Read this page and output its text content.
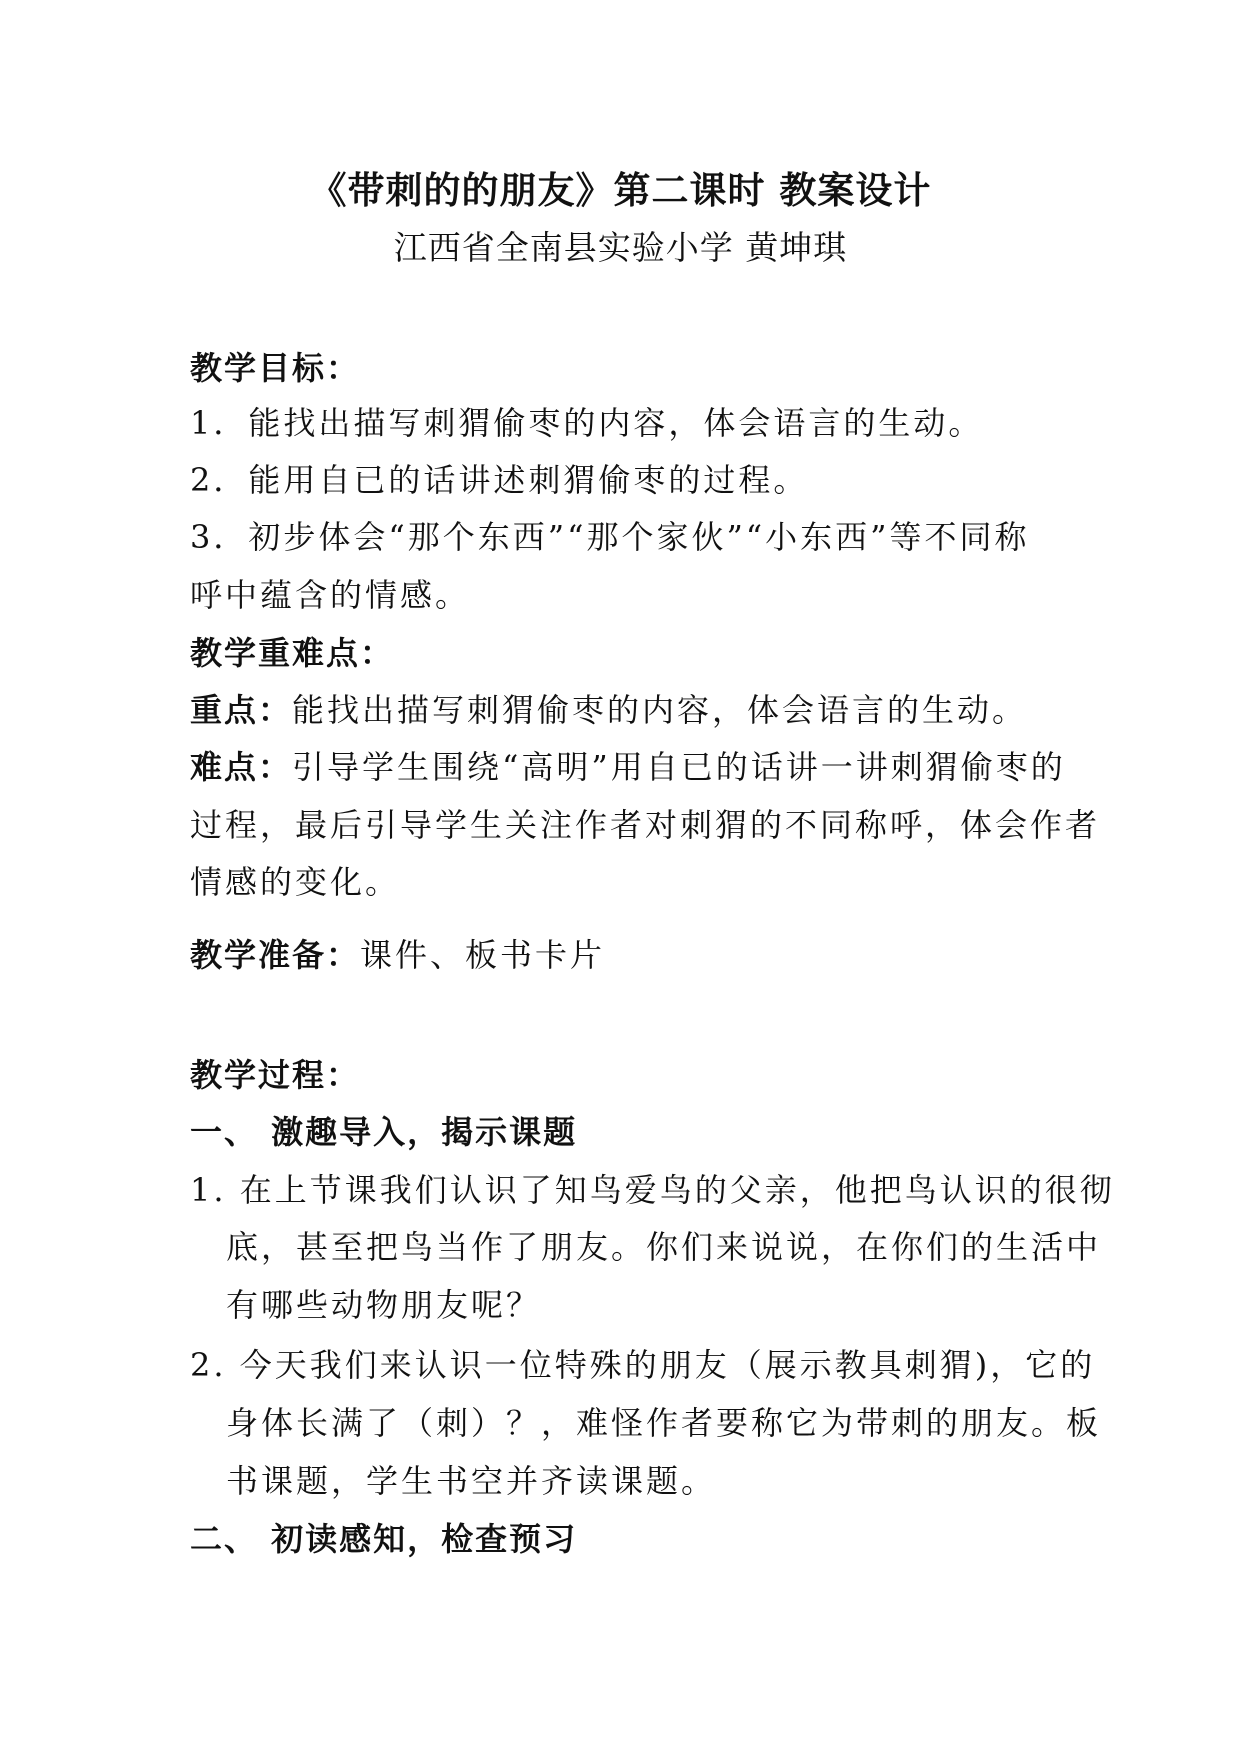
《带刺的的朋友》第二课时 教案设计
江西省全南县实验小学 黄坤琪
教学目标：
1．能找出描写刺猬偷枣的内容，体会语言的生动。
2．能用自已的话讲述刺猬偷枣的过程。
3．初步体会“那个东西”“那个家伙”“小东西”等不同称
呼中蕴含的情感。
教学重难点：
重点：能找出描写刺猬偷枣的内容，体会语言的生动。
难点：引导学生围绕“高明”用自已的话讲一讲刺猬偷枣的
过程，最后引导学生关注作者对刺猬的不同称呼，体会作者
情感的变化。
教学准备：课件、板书卡片
教学过程：
一、 激趣导入，揭示课题
1. 在上节课我们认识了知鸟爱鸟的父亲，他把鸟认识的很彻
底，甚至把鸟当作了朋友。你们来说说，在你们的生活中
有哪些动物朋友呢？
2. 今天我们来认识一位特殊的朋友（展示教具刺猬)，它的
身体长满了（刺）？，难怪作者要称它为带刺的朋友。板
书课题，学生书空并齐读课题。
二、 初读感知，检查预习
